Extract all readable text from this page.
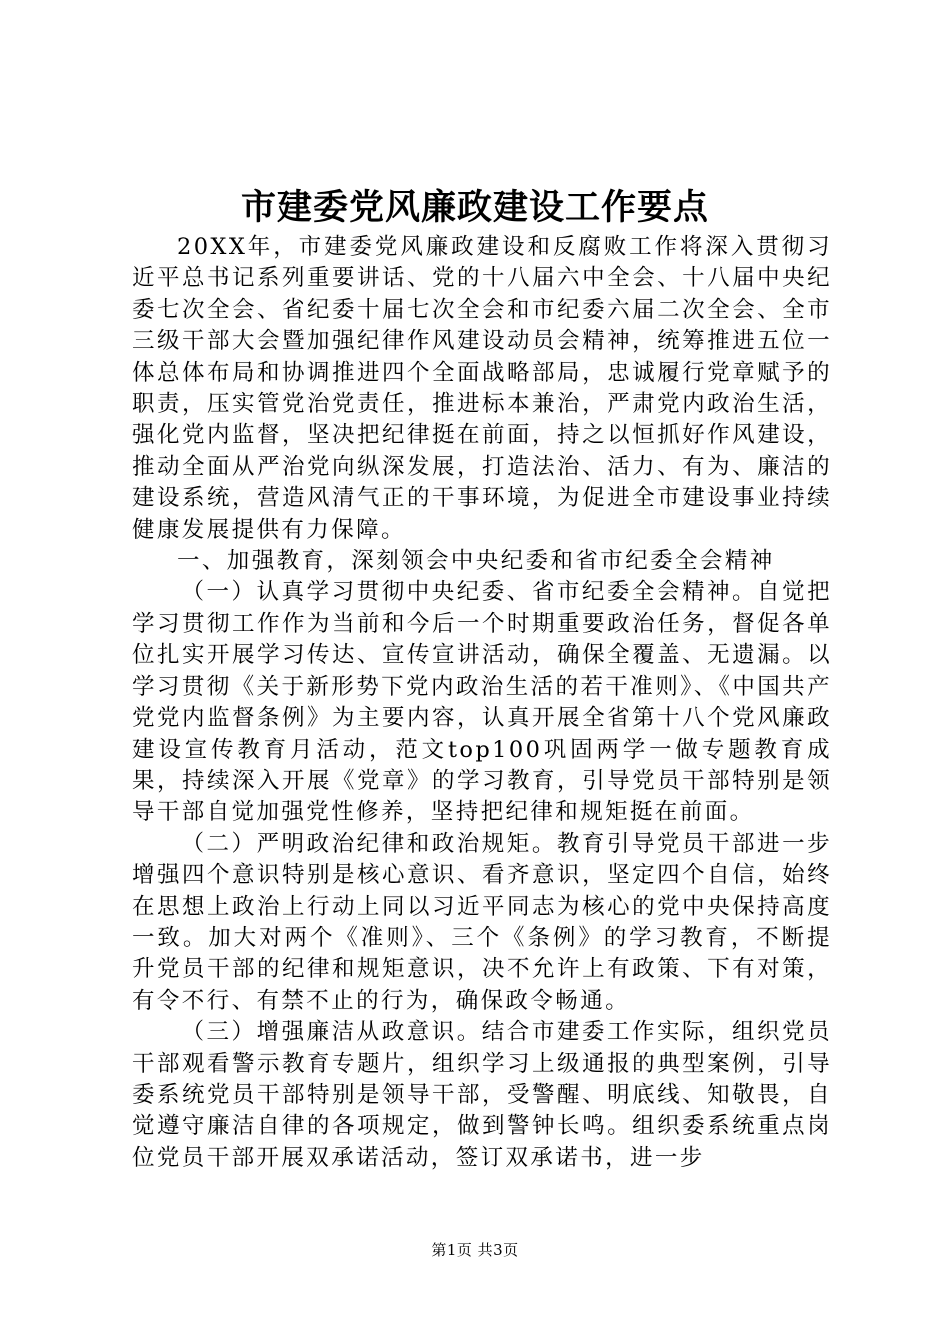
市建委党风廉政建设工作要点

20XX年，市建委党风廉政建设和反腐败工作将深入贯彻习近平总书记系列重要讲话、党的十八届六中全会、十八届中央纪委七次全会、省纪委十届七次全会和市纪委六届二次全会、全市三级干部大会暨加强纪律作风建设动员会精神，统筹推进五位一体总体布局和协调推进四个全面战略部局，忠诚履行党章赋予的职责，压实管党治党责任，推进标本兼治，严肃党内政治生活，强化党内监督，坚决把纪律挺在前面，持之以恒抓好作风建设，推动全面从严治党向纵深发展，打造法治、活力、有为、廉洁的建设系统，营造风清气正的干事环境，为促进全市建设事业持续健康发展提供有力保障。

一、加强教育，深刻领会中央纪委和省市纪委全会精神

（一）认真学习贯彻中央纪委、省市纪委全会精神。自觉把学习贯彻工作作为当前和今后一个时期重要政治任务，督促各单位扎实开展学习传达、宣传宣讲活动，确保全覆盖、无遗漏。以学习贯彻《关于新形势下党内政治生活的若干准则》、《中国共产党党内监督条例》为主要内容，认真开展全省第十八个党风廉政建设宣传教育月活动，范文top100巩固两学一做专题教育成果，持续深入开展《党章》的学习教育，引导党员干部特别是领导干部自觉加强党性修养，坚持把纪律和规矩挺在前面。

（二）严明政治纪律和政治规矩。教育引导党员干部进一步增强四个意识特别是核心意识、看齐意识，坚定四个自信，始终在思想上政治上行动上同以习近平同志为核心的党中央保持高度一致。加大对两个《准则》、三个《条例》的学习教育，不断提升党员干部的纪律和规矩意识，决不允许上有政策、下有对策，有令不行、有禁不止的行为，确保政令畅通。

（三）增强廉洁从政意识。结合市建委工作实际，组织党员干部观看警示教育专题片，组织学习上级通报的典型案例，引导委系统党员干部特别是领导干部，受警醒、明底线、知敬畏，自觉遵守廉洁自律的各项规定，做到警钟长鸣。组织委系统重点岗位党员干部开展双承诺活动，签订双承诺书，进一步

第1页 共3页
